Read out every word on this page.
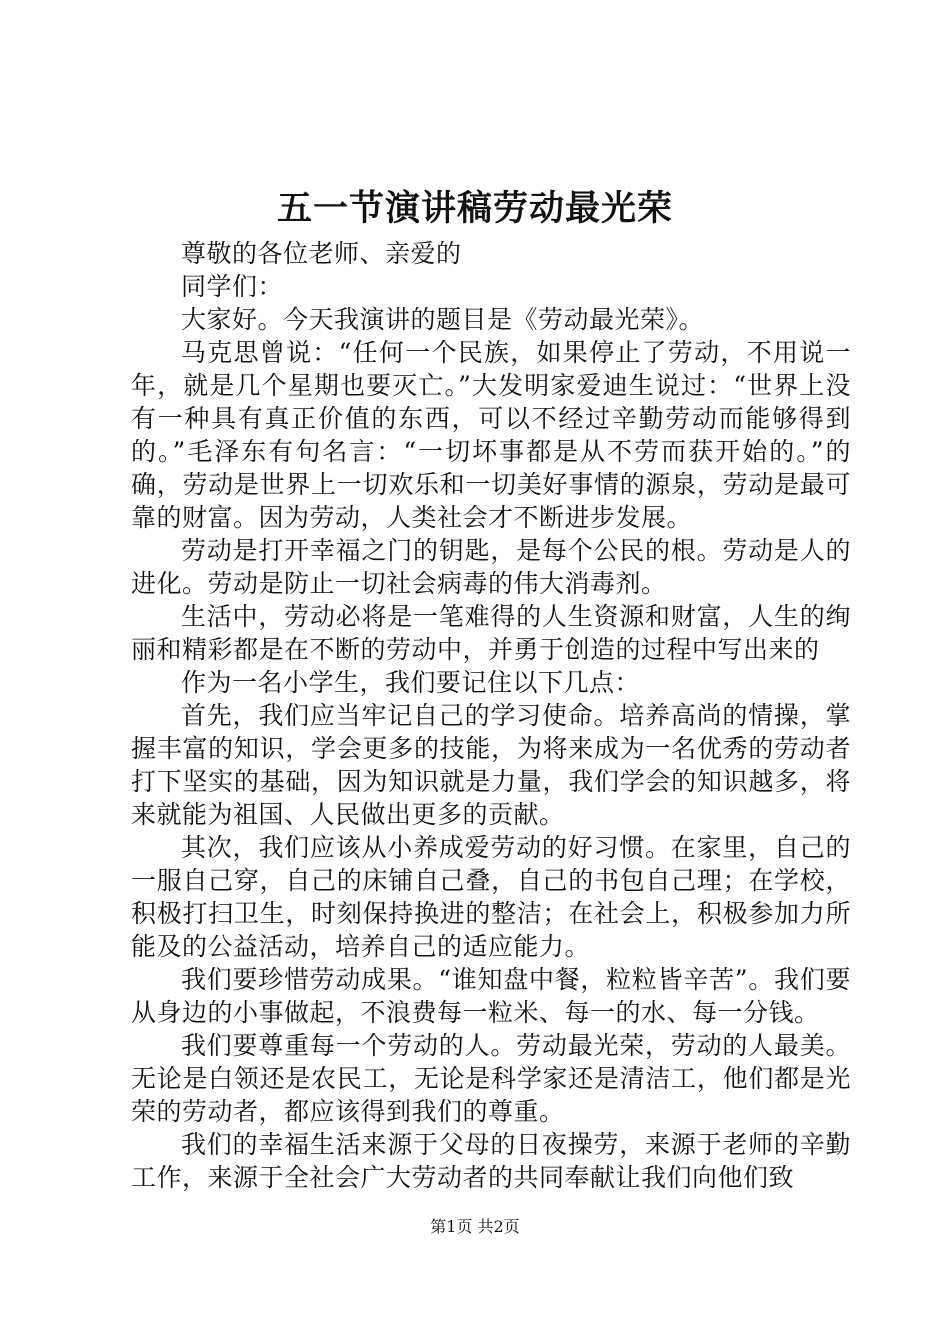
五一节演讲稿劳动最光荣

尊敬的各位老师、亲爱的

同学们：

大家好。今天我演讲的题目是《劳动最光荣》。

马克思曾说：“任何一个民族，如果停止了劳动，不用说一年，就是几个星期也要灭亡。”大发明家爱迪生说过：“世界上没有一种具有真正价值的东西，可以不经过辛勤劳动而能够得到的。”毛泽东有句名言：“一切坏事都是从不劳而获开始的。”的确，劳动是世界上一切欢乐和一切美好事情的源泉，劳动是最可靠的财富。因为劳动，人类社会才不断进步发展。

劳动是打开幸福之门的钥匙，是每个公民的根。劳动是人的进化。劳动是防止一切社会病毒的伟大消毒剂。

生活中，劳动必将是一笔难得的人生资源和财富，人生的绚丽和精彩都是在不断的劳动中，并勇于创造的过程中写出来的

作为一名小学生，我们要记住以下几点：

首先，我们应当牢记自己的学习使命。培养高尚的情操，掌握丰富的知识，学会更多的技能，为将来成为一名优秀的劳动者打下坚实的基础，因为知识就是力量，我们学会的知识越多，将来就能为祖国、人民做出更多的贡献。

其次，我们应该从小养成爱劳动的好习惯。在家里，自己的一服自己穿，自己的床铺自己叠，自己的书包自己理；在学校，积极打扫卫生，时刻保持换进的整洁；在社会上，积极参加力所能及的公益活动，培养自己的适应能力。

我们要珍惜劳动成果。“谁知盘中餐，粒粒皆辛苦”。我们要从身边的小事做起，不浪费每一粒米、每一的水、每一分钱。

我们要尊重每一个劳动的人。劳动最光荣，劳动的人最美。无论是白领还是农民工，无论是科学家还是清洁工，他们都是光荣的劳动者，都应该得到我们的尊重。

我们的幸福生活来源于父母的日夜操劳，来源于老师的辛勤工作，来源于全社会广大劳动者的共同奉献让我们向他们致

第1页 共2页
